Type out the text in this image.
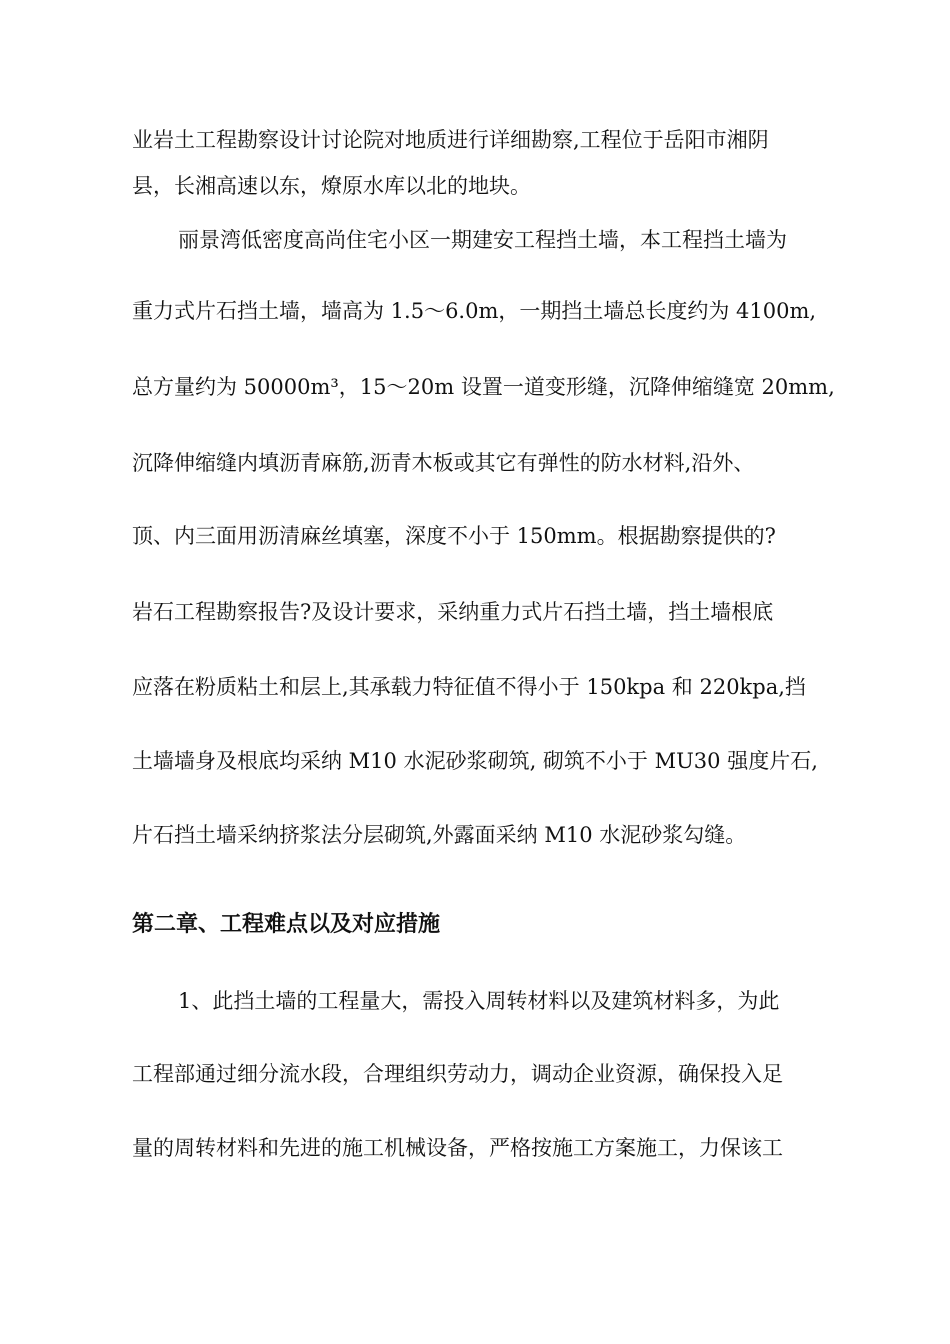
业岩土工程勘察设计讨论院对地质进行详细勘察,工程位于岳阳市湘阴
县，长湘高速以东，燎原水库以北的地块。
丽景湾低密度高尚住宅小区一期建安工程挡土墙，本工程挡土墙为
重力式片石挡土墙，墙高为 1.5～6.0m，一期挡土墙总长度约为 4100m,
总方量约为 50000m³，15～20m 设置一道变形缝，沉降伸缩缝宽 20mm,
沉降伸缩缝内填沥青麻筋,沥青木板或其它有弹性的防水材料,沿外、
顶、内三面用沥清麻丝填塞，深度不小于 150mm。根据勘察提供的?
岩石工程勘察报告?及设计要求，采纳重力式片石挡土墙，挡土墙根底
应落在粉质粘土和层上,其承载力特征值不得小于 150kpa 和 220kpa,挡
土墙墙身及根底均采纳 M10 水泥砂浆砌筑, 砌筑不小于 MU30 强度片石,
片石挡土墙采纳挤浆法分层砌筑,外露面采纳 M10 水泥砂浆勾缝。
第二章、工程难点以及对应措施
1、此挡土墙的工程量大，需投入周转材料以及建筑材料多，为此
工程部通过细分流水段，合理组织劳动力，调动企业资源，确保投入足
量的周转材料和先进的施工机械设备，严格按施工方案施工，力保该工
